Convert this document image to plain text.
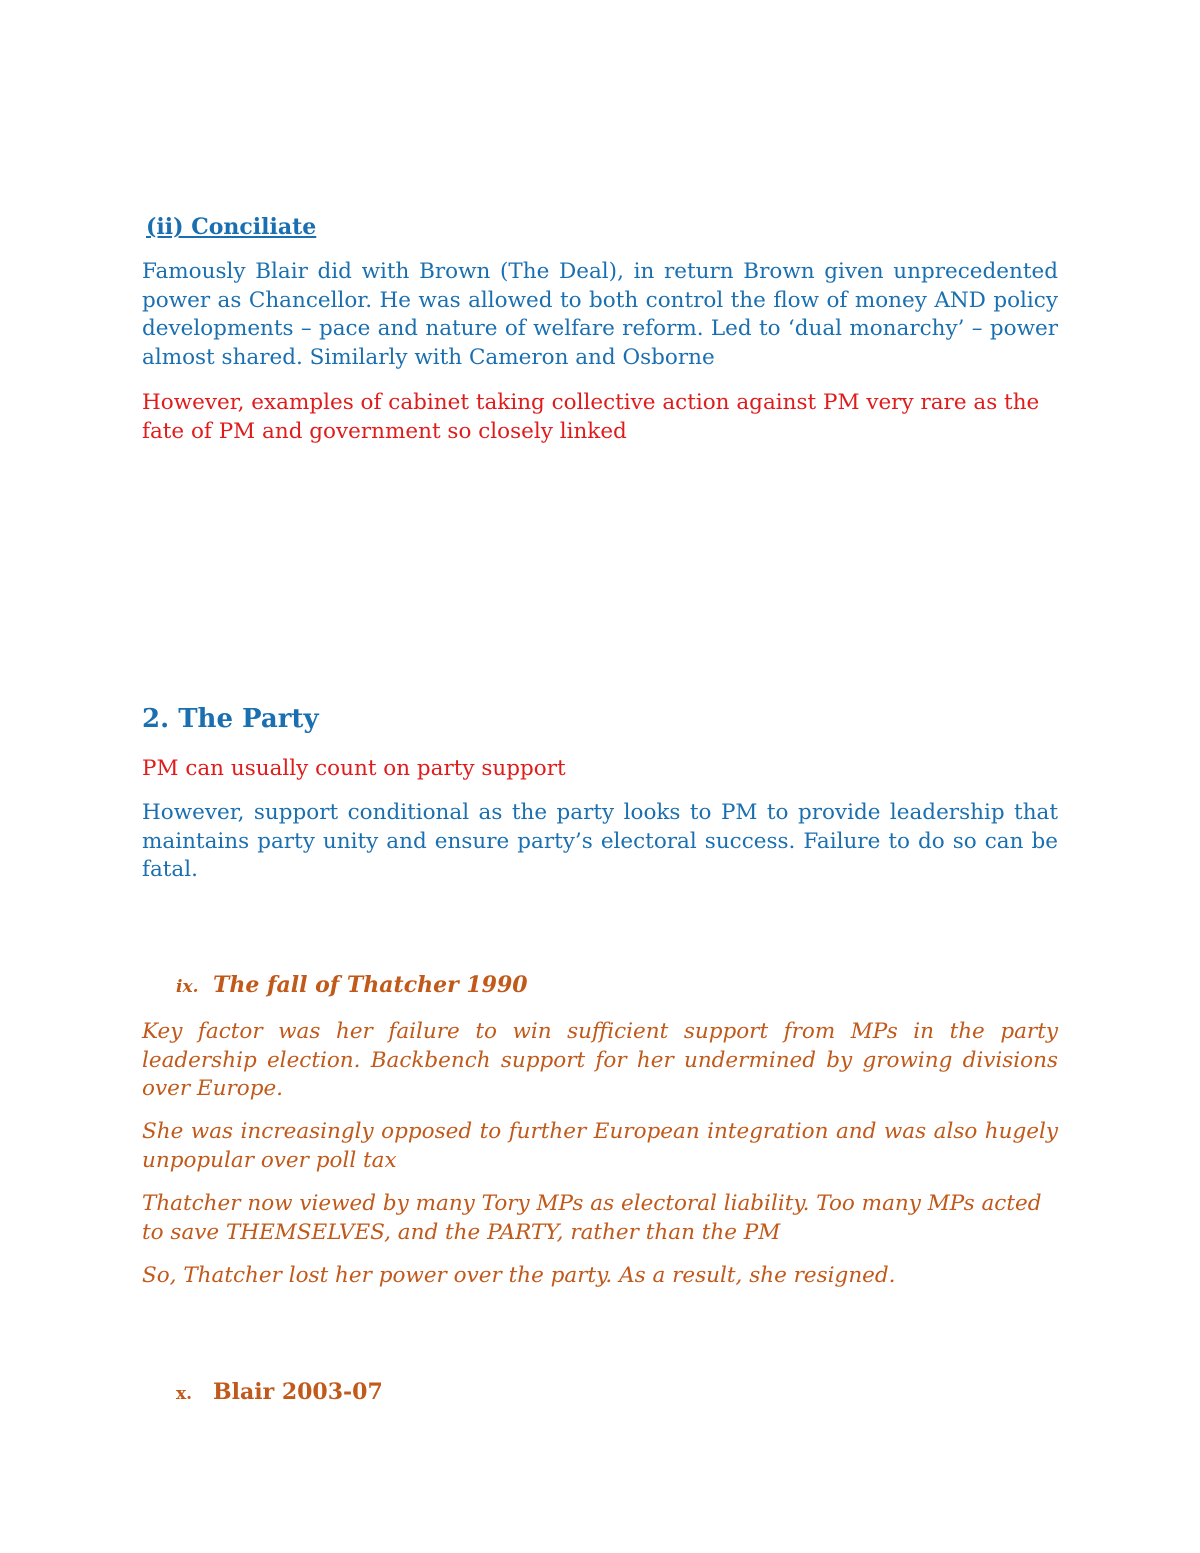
(ii) Conciliate

Famously Blair did with Brown (The Deal), in return Brown given unprecedented power as Chancellor. He was allowed to both control the flow of money AND policy developments – pace and nature of welfare reform. Led to ‘dual monarchy’ – power almost shared. Similarly with Cameron and Osborne

However, examples of cabinet taking collective action against PM very rare as the fate of PM and government so closely linked

2. The Party

PM can usually count on party support

However, support conditional as the party looks to PM to provide leadership that maintains party unity and ensure party’s electoral success. Failure to do so can be fatal.

ix. The fall of Thatcher 1990

Key factor was her failure to win sufficient support from MPs in the party leadership election. Backbench support for her undermined by growing divisions over Europe.

She was increasingly opposed to further European integration and was also hugely unpopular over poll tax

Thatcher now viewed by many Tory MPs as electoral liability. Too many MPs acted to save THEMSELVES, and the PARTY, rather than the PM

So, Thatcher lost her power over the party. As a result, she resigned.

x. Blair 2003-07
